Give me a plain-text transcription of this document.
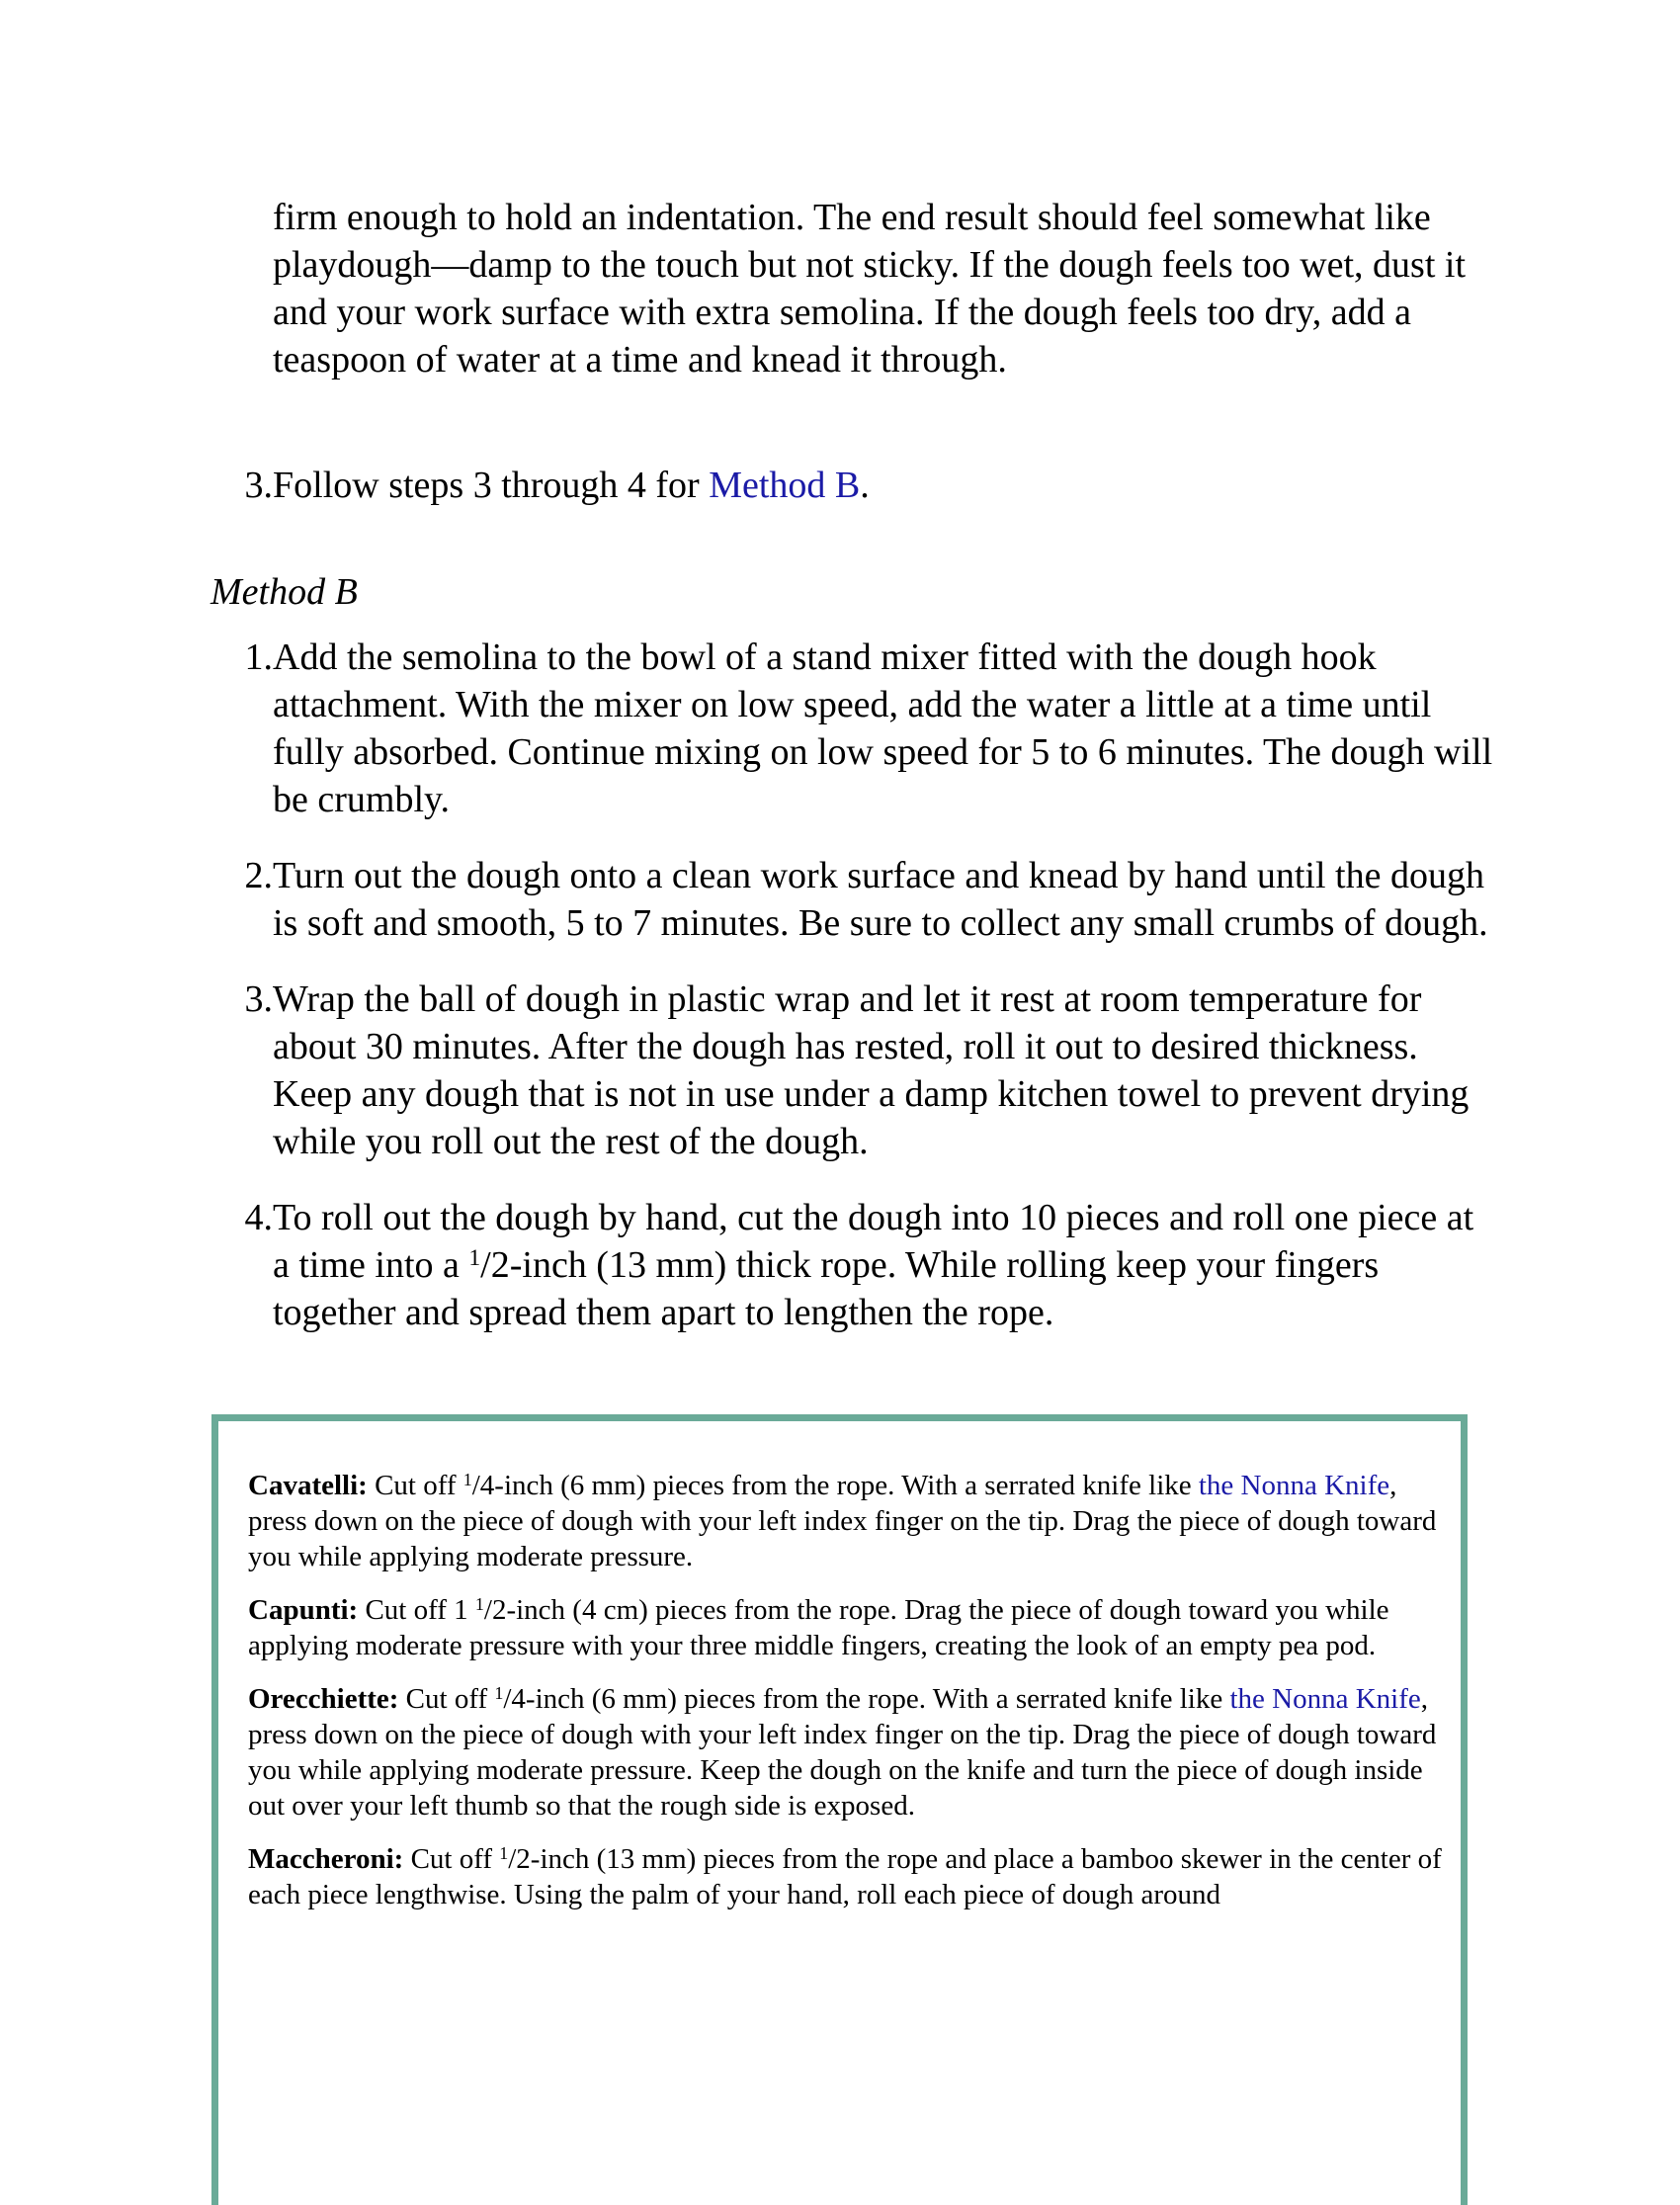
firm enough to hold an indentation. The end result should feel somewhat like playdough—damp to the touch but not sticky. If the dough feels too wet, dust it and your work surface with extra semolina. If the dough feels too dry, add a teaspoon of water at a time and knead it through.

3. Follow steps 3 through 4 for Method B.
Method B
1. Add the semolina to the bowl of a stand mixer fitted with the dough hook attachment. With the mixer on low speed, add the water a little at a time until fully absorbed. Continue mixing on low speed for 5 to 6 minutes. The dough will be crumbly.
2. Turn out the dough onto a clean work surface and knead by hand until the dough is soft and smooth, 5 to 7 minutes. Be sure to collect any small crumbs of dough.
3. Wrap the ball of dough in plastic wrap and let it rest at room temperature for about 30 minutes. After the dough has rested, roll it out to desired thickness. Keep any dough that is not in use under a damp kitchen towel to prevent drying while you roll out the rest of the dough.
4. To roll out the dough by hand, cut the dough into 10 pieces and roll one piece at a time into a $^1$/2-inch (13 mm) thick rope. While rolling keep your fingers together and spread them apart to lengthen the rope.

Cavatelli: Cut off $^1$/4-inch (6 mm) pieces from the rope. With a serrated knife like the Nonna Knife, press down on the piece of dough with your left index finger on the tip. Drag the piece of dough toward you while applying moderate pressure.

Capunti: Cut off 1 $^1$/2-inch (4 cm) pieces from the rope. Drag the piece of dough toward you while applying moderate pressure with your three middle fingers, creating the look of an empty pea pod.

Orecchiette: Cut off $^1$/4-inch (6 mm) pieces from the rope. With a serrated knife like the Nonna Knife, press down on the piece of dough with your left index finger on the tip. Drag the piece of dough toward you while applying moderate pressure. Keep the dough on the knife and turn the piece of dough inside out over your left thumb so that the rough side is exposed.

Maccheroni: Cut off $^1$/2-inch (13 mm) pieces from the rope and place a bamboo skewer in the center of each piece lengthwise. Using the palm of your hand, roll each piece of dough around
